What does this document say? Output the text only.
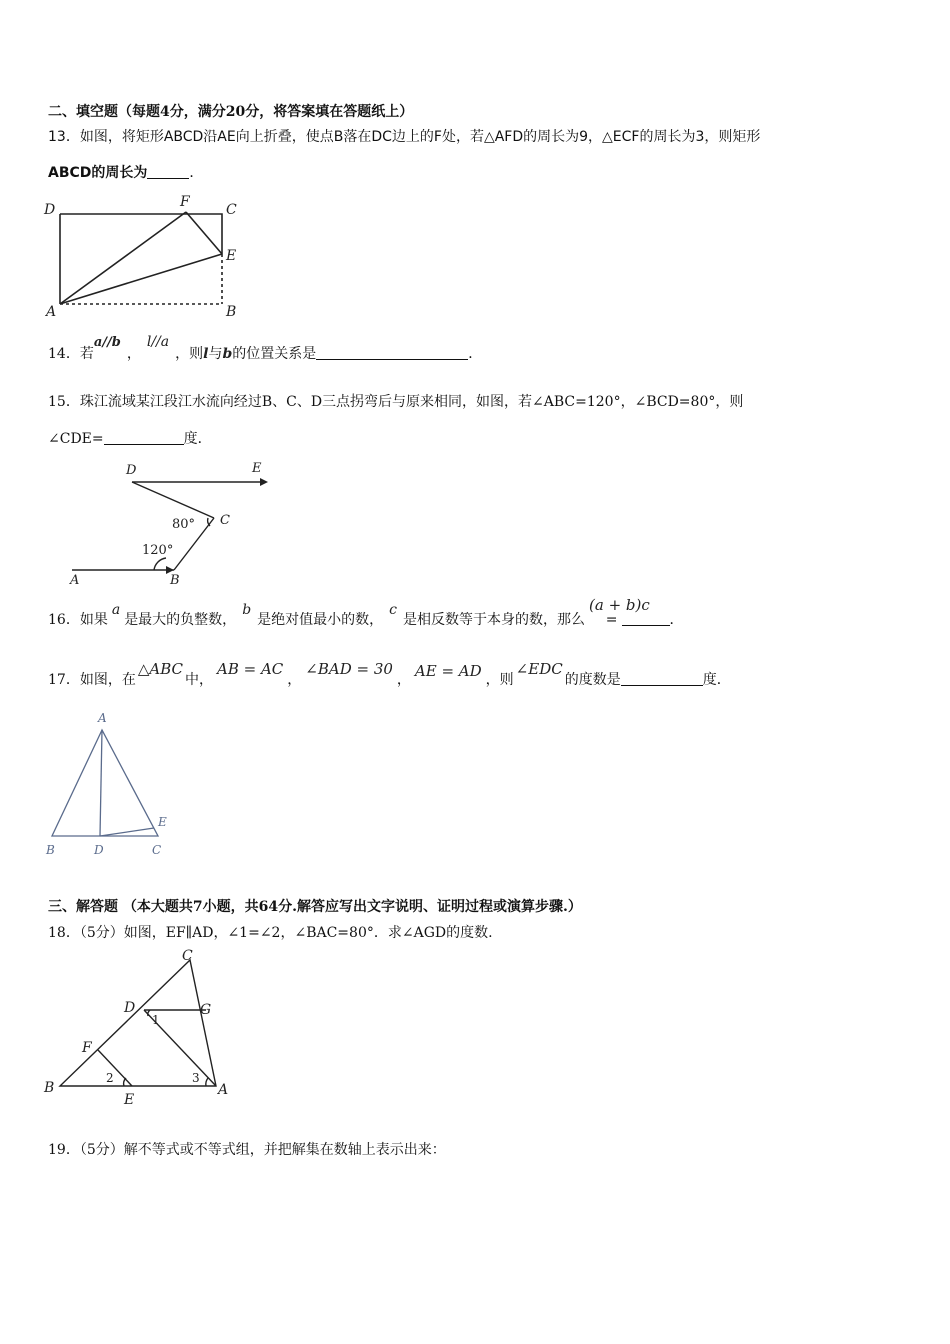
二、填空题（每题4分，满分20分，将答案填在答题纸上）
13．如图，将矩形ABCD沿AE向上折叠，使点B落在DC边上的F处，若△AFD的周长为9，△ECF的周长为3，则矩形
ABCD的周长为	．
D	F	C
E
A	B
14．若a//b，l//a，则l与b的位置关系是	．
15．珠江流域某江段江水流向经过B、C、D三点拐弯后与原来相同，如图，若∠ABC=120°，∠BCD=80°，则
∠CDE=	度．
D	E
C
A	B
80°
120°
16．如果a是最大的负整数，b是绝对值最小的数，c是相反数等于本身的数，那么(a + b)c=	．
17．如图，在△ABC中，AB = AC，∠BAD = 30， AE = AD ，则∠EDC的度数是	度．
A
B	D	C
E
三、解答题 （本大题共7小题，共64分.解答应写出文字说明、证明过程或演算步骤.）
18．（5分）如图，EF∥AD，∠1=∠2，∠BAC=80°．求∠AGD的度数.
C
D	G
F
B
E
A
1
2	3
19．（5分）解不等式或不等式组，并把解集在数轴上表示出来：
